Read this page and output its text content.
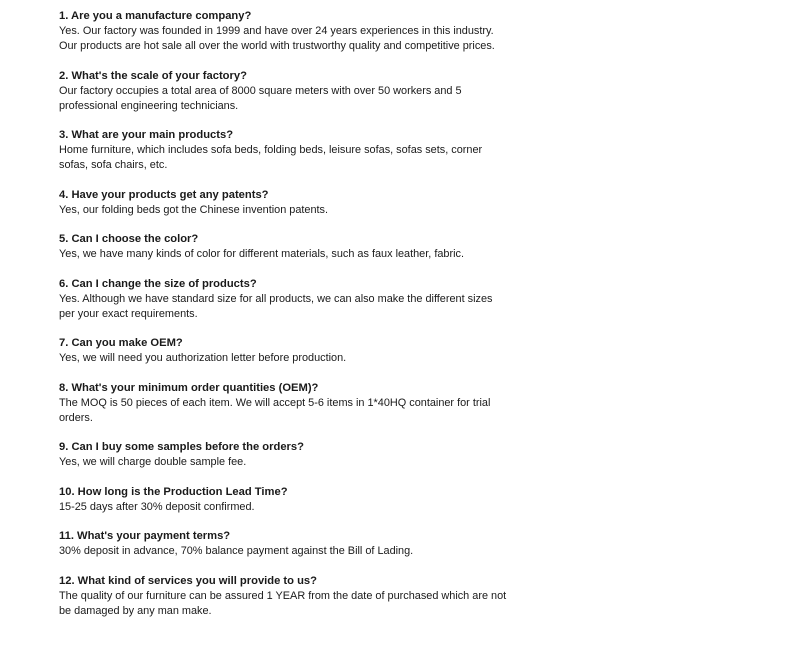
1. Are you a manufacture company?
Yes. Our factory was founded in 1999 and have over 24 years experiences in this industry. Our products are hot sale all over the world with trustworthy quality and competitive prices.
2. What's the scale of your factory?
Our factory occupies a total area of 8000 square meters with over 50 workers and 5 professional engineering technicians.
3. What are your main products?
Home furniture, which includes sofa beds, folding beds, leisure sofas, sofas sets, corner sofas, sofa chairs, etc.
4. Have your products get any patents?
Yes, our folding beds got the Chinese invention patents.
5. Can I choose the color?
Yes, we have many kinds of color for different materials, such as faux leather, fabric.
6. Can I change the size of products?
Yes. Although we have standard size for all products, we can also make the different sizes per your exact requirements.
7. Can you make OEM?
Yes, we will need you authorization letter before production.
8. What's your minimum order quantities (OEM)?
The MOQ is 50 pieces of each item. We will accept 5-6 items in 1*40HQ container for trial orders.
9. Can I buy some samples before the orders?
Yes, we will charge double sample fee.
10. How long is the Production Lead Time?
15-25 days after 30% deposit confirmed.
11. What's your payment terms?
30% deposit in advance, 70% balance payment against the Bill of Lading.
12. What kind of services you will provide to us?
The quality of our furniture can be assured 1 YEAR from the date of purchased which are not be damaged by any man make.
